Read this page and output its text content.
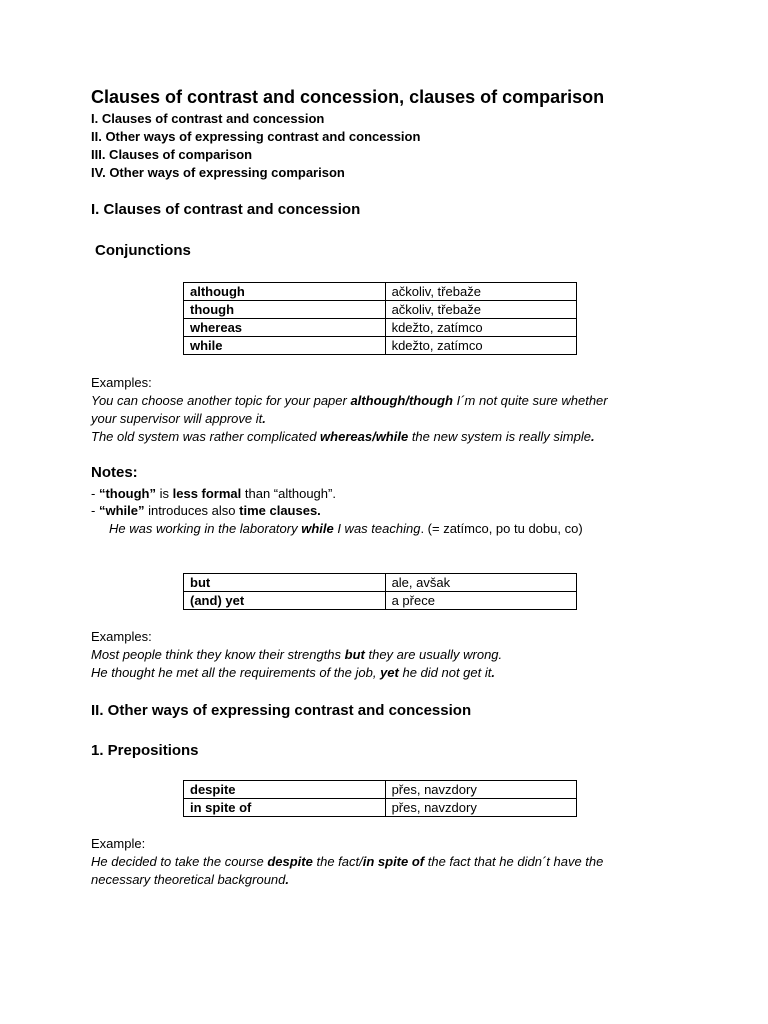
Clauses of contrast and concession, clauses of comparison
I. Clauses of contrast and concession
II. Other ways of expressing contrast and concession
III. Clauses of comparison
IV. Other ways of expressing comparison
I. Clauses of contrast and concession
Conjunctions
although	ačkoliv, třebaže
though	ačkoliv, třebaže
whereas	kdežto, zatímco
while	kdežto, zatímco
Examples:
You can choose another topic for your paper although/though I´m not quite sure whether
your supervisor will approve it.
The old system was rather complicated whereas/while the new system is really simple.
Notes:
- “though” is less formal than “although”.
- “while” introduces also time clauses.
He was working in the laboratory while I was teaching. (= zatímco, po tu dobu, co)
but	ale, avšak
(and) yet	a přece
Examples:
Most people think they know their strengths but they are usually wrong.
He thought he met all the requirements of the job, yet he did not get it.
II. Other ways of expressing contrast and concession
1. Prepositions
despite	přes, navzdory
in spite of	přes, navzdory
Example:
He decided to take the course despite the fact/in spite of the fact that he didn´t have the
necessary theoretical background.
